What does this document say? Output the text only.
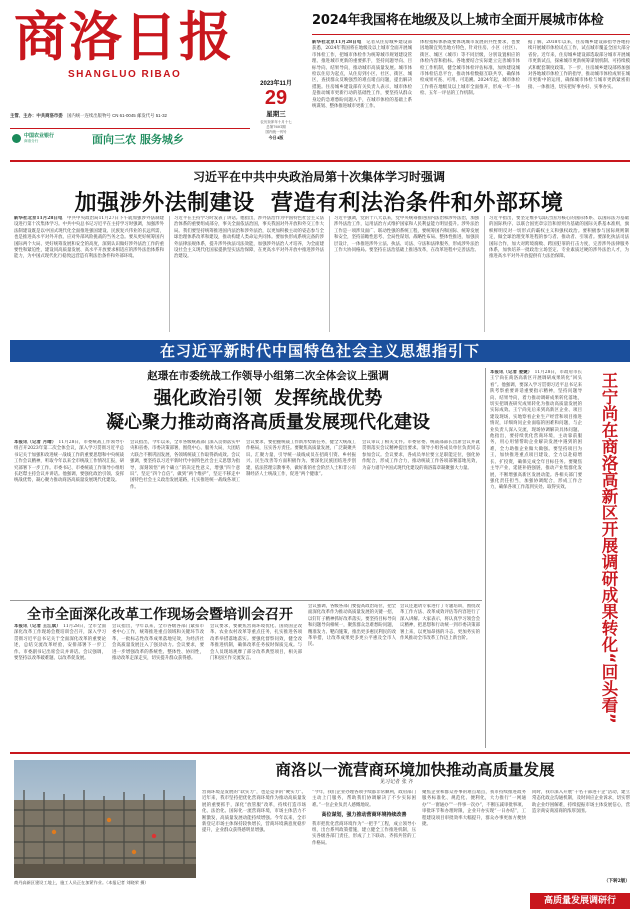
商洛日报
SHANGLUO RIBAO
2023年11月
29
星期三
农历癸卯年十月十七
总第7601期
国内统一刊号
今日4版
主管、主办：中共商洛市委 国内统一连续出版物号 CN 61-0045 邮发代号 51-32
中国农业银行
商洛分行	面向三农 服务城乡
2024年我国将在地级及以上城市全面开展城市体检
新华社北京11月28日电　记者从住房城乡建设部获悉，2024年我国将在地级及以上城市全面开展城市体检工作，把城市体检作为统筹城市规划建设管理、推进城市更新的重要抓手，坚持问题导向、目标导向、结果导向，推动城市高质量发展。城市体检以住房为起点，从住房到小区、社区、街区、城区，查找群众反映强烈的难点堵点问题，提出解决措施。住房城乡建设部有关负责人表示，城市体检是推动城市更新行动的基础性工作，要坚持从群众身边的急难愁盼问题入手，在城市体检的基础上系统谋划、整体推进城市更新工作。
体检指标体系既要体现城市发展的共性要求，也要因地制宜突出地方特色，针对住房、小区（社区）、街区、城区（城市）等不同层级，分别设置相应的体检内容和指标。各地要结合实际建立完善城市体检工作机制，健全城市体检评估标准，加快建设城市体检信息平台，推动体检数据互联共享，确保体检成果可查、可用、可追溯。2024年起，城市体检工作将在地级及以上城市全面推开，形成一年一体检、五年一评估的工作机制。
据了解，2018年以来，住房城乡建设部指导各地持续开展城市体检试点工作，试点城市覆盖全国大部分省份。近年来，住房城乡建设部选取部分城市开展城市更新试点，探索城市更新统筹谋划机制、可持续模式和配套制度政策。下一步，住房城乡建设部将加强对各地城市体检工作的指导，推动城市体检成果在城市更新中的运用，确保城市体检与城市更新紧密衔接、一体推进，切实把好事办好、实事办实。
习近平在中共中央政治局第十次集体学习时强调
加强涉外法制建设  营造有利法治条件和外部环境
新华社北京11月28日电　中共中央政治局11月27日下午就加强涉外法制建设进行第十次集体学习。中共中央总书记习近平在主持学习时强调，加强涉外法制建设既是以中国式现代化全面推进强国建设、民族复兴伟业的长远所需，也是推进高水平对外开放、应对外部风险挑战的当务之急。要从更好统筹国内国际两个大局、更好统筹发展和安全的高度，深刻认识做好涉外法治工作的重要性和紧迫性，建设同高质量发展、高水平开放要求相适应的涉外法治体系和能力，为中国式现代化行稳致远营造有利法治条件和外部环境。
习近平在主持学习时发表了讲话。他指出，涉外法治作为中国特色社会主义法治体系的重要组成部分，事关全面依法治国，事关我国对外开放和外交工作大局。我们要坚持统筹推进国内法治和涉外法治，以更加积极主动的姿态参与全球治理体系改革和建设，推动构建人类命运共同体。要加快形成系统完备的涉外法律法规体系，提升涉外执法司法效能，加强涉外法治人才培养，为全面建设社会主义现代化国家提供坚实法治保障，在更高水平对外开放中推进涉外法治建设。
习近平强调，党的十八大以来，党中央统筹推进国内法治和涉外法治，加强涉外法治工作，运用法治方式维护国家和人民利益能力明显提升。涉外法治工作是一项涉及面广、联动性强的系统工程，要统筹国内和国际、统筹发展和安全，坚持前瞻性思考、全局性谋划、战略性布局、整体性推进，加强顶层设计，一体推进涉外立法、执法、司法、守法和法律服务，形成涉外法治工作大协同格局。要坚持在法治基础上推进改革，在改革进程中完善法治。
习近平指出，要坚定维护以联合国为核心的国际体系、以国际法为基础的国际秩序、以联合国宪章宗旨和原则为基础的国际关系基本准则，旗帜鲜明反对一切形式的霸权主义和强权政治。要积极参与国际规则制定，做全球治理变革进程的参与者、推动者、引领者。要深化执法司法国际合作，加大对跨境腐败、跨国犯罪的打击力度，完善涉外法律服务体系，加快培养一批政治立场坚定、专业素质过硬的涉外法治人才，为推进高水平对外开放提供有力法治保障。
在习近平新时代中国特色社会主义思想指引下
赵璟在市委统战工作领导小组第二次全体会议上强调
强化政治引领  发挥统战优势
凝心聚力推动商洛高质量发展现代化建设
本报讯（记者 月晴）　11月28日，市委统战工作领导小组召开2023年第二次全体会议，深入学习贯彻习近平总书记关于加强和改进统一战线工作的重要思想和中央统战工作会议精神，听取今年以来全市统战工作情况汇报，研究部署下一步工作。市委书记、市委统战工作领导小组组长赵璟主持会议并讲话。他强调，要强化政治引领、发挥统战优势，凝心聚力推动商洛高质量发展现代化建设。
会议指出，今年以来，全市各级统战部门深入贯彻落实中央和省委、市委决策部署，围绕中心、服务大局，大团结大联合不断巩固发展，各领域统战工作取得新成效。会议强调，要坚持以习近平新时代中国特色社会主义思想为指导，深刻领悟“两个确立”的决定性意义，增强“四个意识”、坚定“四个自信”、做到“两个维护”，坚定不移走中国特色社会主义政治发展道路，扎实推进统一战线各项工作。
会议要求，要把握统战工作新形势新任务，健全大统战工作格局，压实各方责任。要聚焦高质量发展，广泛凝聚共识、汇聚力量，引导统一战线成员在招商引资、乡村振兴、民生改善等方面积极作为。要深化民族团结进步创建，依法管理宗教事务，做好新的社会阶层人士和非公有制经济人士统战工作，促进“两个健康”。
会议审议了相关文件。市委常委、统战部部长出席会议并就贯彻落实会议精神提出要求。领导小组各成员单位负责同志参加会议。会议要求，各成员单位要立足职能定位，强化协作配合，形成工作合力，推动统战工作各项部署落地见效，为奋力谱写中国式现代化建设的商洛篇章凝聚强大力量。
本报讯（记者 姜婕）　11月28日，市政府市长王宁尚在商洛高新区开展调研成果转化“回头看”。他强调，要深入学习贯彻习近平总书记来陕考察重要讲话重要指示精神，坚持问题导向、结果导向，着力推动调研成果转化落地，切实把调查研究成果转化为推动高质量发展的实际成效。王宁尚先后来到高新区企业、项目建设现场，实地察看企业生产经营和项目推进情况，详细询问企业面临的困难和问题，与企业负责人深入交流，现场协调解决具体问题。他指出，要持续优化营商环境，主动靠前服务，用心用情帮助企业解决发展中遇到的困难，全力助推企业做大做强。要坚持项目为王，加快推进重点项目建设，全力以赴稳增长、扩投资，确保完成全年目标任务。要聚焦主导产业，延链补链强链，推动产业集群化发展，不断增强高新区发展动能。各相关部门要强化责任担当，加强协调配合，形成工作合力，确保各项工作落到实处、取得实效。	王宁尚在商洛高新区开展调研成果转化“回头看”
全市全面深化改革工作现场会暨培训会召开
本报讯（记者 王江斌）　11月28日，全市全面深化改革工作现场会暨培训会召开，深入学习贯彻习近平总书记关于全面深化改革的重要论述，总结交流改革经验，安排部署下一步工作。市委副书记出席会议并讲话。会议强调，要坚持以改革破难题、以改革促发展。
会议指出，今年以来，全市各级各部门紧扣市委中心工作，统筹推进重点领域和关键环节改革，一批标志性改革成果落地见效，为经济社会高质量发展注入了强劲动力。会议要求，要进一步增强改革的系统性、整体性、协同性，推动改革走深走实，切实提升群众获得感。
会议要求，要聚焦营商环境优化、国资国企改革、农业农村改革等重点任务，扎实推进各项改革举措落地落实。要强化督察问效，健全改革推进机制，确保改革任务按时保质完成。与会人员现场观摩了部分改革典型项目，相关部门和县区作交流发言。
会议强调，各级各部门要提高政治站位，把全面深化改革作为推动高质量发展的关键一招，以钉钉子精神抓好改革落实。要坚持目标导向和问题导向相统一，聚焦群众急难愁盼问题，精准发力、靶向施策，推出更多惠民利民的改革举措，让改革成果更多更公平惠及全市人民。
会议还邀请专家进行了专题培训，围绕改革工作方法、改革成效评估等内容进行了深入讲解。大家表示，将认真学习领会会议精神，把思想和行动统一到市委决策部署上来，以更加昂扬的斗志、更加务实的作风推动全市改革工作迈上新台阶。
商洛以一流营商环境加快推动高质量发展
见习记者 张 齐
商丹高新区建设工地上，施工人员正在加紧作业。（本报记者 刘晓荣 摄）
营商环境是发展的“软实力”，也是竞争的“硬实力”。近年来，我市坚持把优化营商环境作为推动高质量发展的重要抓手，深化“放管服”改革，持续打造市场化、法治化、国际化一流营商环境，市场主体活力不断激发，高质量发展动能持续增强。今年以来，全市新登记市场主体保持较快增长，营商环境满意度稳步提升，企业群众获得感明显增强。
“今年，我们企业办理各项手续都非常顺利，政府部门主动上门服务，帮助我们协调解决了不少实际困难。”一位企业负责人感慨地说。

高位谋划，强力推动营商环境持续改善
我市把优化营商环境作为“一把手”工程，成立领导小组，出台系列政策措施，建立健全工作推进机制，压实各级各部门责任，形成了上下联动、齐抓共管的工作格局。
聚焦企业和群众办事的难点堵点，我市持续推进政务服务标准化、规范化、便利化，大力推行“一网通办”“一窗通办”“一件事一次办”，不断压减审批事项、审批环节和办理时限，企业开办实现“一日办结”，工程建设项目审批效率大幅提升，群众办事更加方便快捷。
同时，我市深入开展“千名干部进千企”活动，建立常态化政企沟通机制，及时回应企业诉求，切实帮助企业纾困解难，持续提振市场主体发展信心，营造亲商安商富商的浓厚氛围。
（下转2版）
高质量发展调研行
